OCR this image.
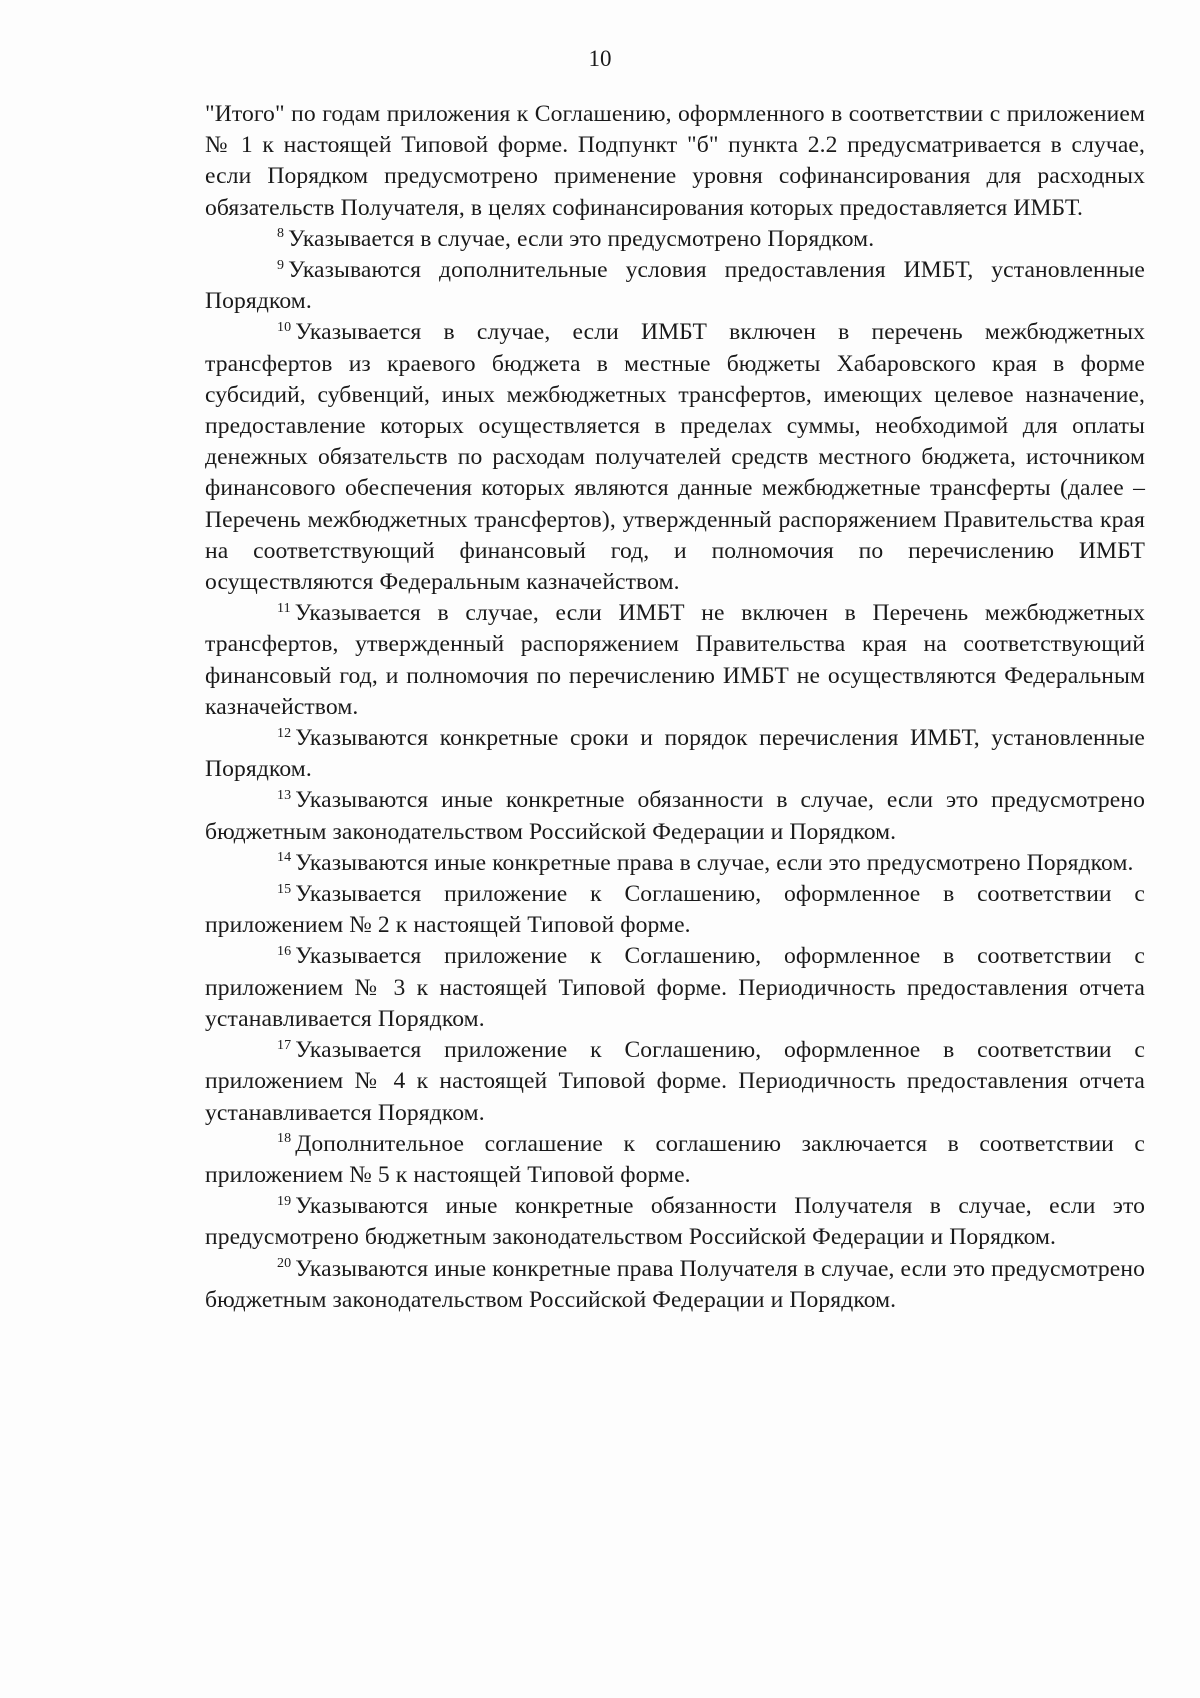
10

"Итого" по годам приложения к Соглашению, оформленного в соответствии с приложением № 1 к настоящей Типовой форме. Подпункт "б" пункта 2.2 предусматривается в случае, если Порядком предусмотрено применение уровня софинансирования для расходных обязательств Получателя, в целях софинансирования которых предоставляется ИМБТ.

$^8$ Указывается в случае, если это предусмотрено Порядком.

$^9$ Указываются дополнительные условия предоставления ИМБТ, установленные Порядком.

$^{10}$ Указывается в случае, если ИМБТ включен в перечень межбюджетных трансфертов из краевого бюджета в местные бюджеты Хабаровского края в форме субсидий, субвенций, иных межбюджетных трансфертов, имеющих целевое назначение, предоставление которых осуществляется в пределах суммы, необходимой для оплаты денежных обязательств по расходам получателей средств местного бюджета, источником финансового обеспечения которых являются данные межбюджетные трансферты (далее – Перечень межбюджетных трансфертов), утвержденный распоряжением Правительства края на соответствующий финансовый год, и полномочия по перечислению ИМБТ осуществляются Федеральным казначейством.

$^{11}$ Указывается в случае, если ИМБТ не включен в Перечень межбюджетных трансфертов, утвержденный распоряжением Правительства края на соответствующий финансовый год, и полномочия по перечислению ИМБТ не осуществляются Федеральным казначейством.

$^{12}$ Указываются конкретные сроки и порядок перечисления ИМБТ, установленные Порядком.

$^{13}$ Указываются иные конкретные обязанности в случае, если это предусмотрено бюджетным законодательством Российской Федерации и Порядком.

$^{14}$ Указываются иные конкретные права в случае, если это предусмотрено Порядком.

$^{15}$ Указывается приложение к Соглашению, оформленное в соответствии с приложением № 2 к настоящей Типовой форме.

$^{16}$ Указывается приложение к Соглашению, оформленное в соответствии с приложением № 3 к настоящей Типовой форме. Периодичность предоставления отчета устанавливается Порядком.

$^{17}$ Указывается приложение к Соглашению, оформленное в соответствии с приложением № 4 к настоящей Типовой форме. Периодичность предоставления отчета устанавливается Порядком.

$^{18}$ Дополнительное соглашение к соглашению заключается в соответствии с приложением № 5 к настоящей Типовой форме.

$^{19}$ Указываются иные конкретные обязанности Получателя в случае, если это предусмотрено бюджетным законодательством Российской Федерации и Порядком.

$^{20}$ Указываются иные конкретные права Получателя в случае, если это предусмотрено бюджетным законодательством Российской Федерации и Порядком.
